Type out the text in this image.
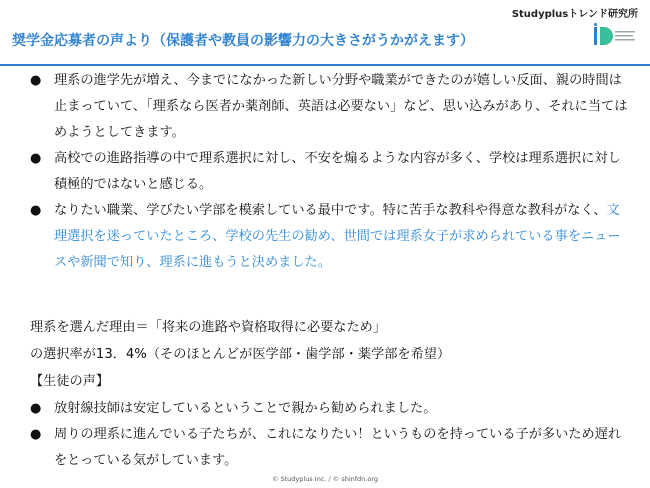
Studyplusトレンド研究所
奨学金応募者の声より（保護者や教員の影響力の大きさがうかがえます）
● 理系の進学先が増え、今までになかった新しい分野や職業ができたのが嬉しい反面、親の時間は止まっていて、「理系なら医者か薬剤師、英語は必要ない」など、思い込みがあり、それに当てはめようとしてきます。
● 高校での進路指導の中で理系選択に対し、不安を煽るような内容が多く、学校は理系選択に対し積極的ではないと感じる。
● なりたい職業、学びたい学部を模索している最中です。特に苦手な教科や得意な教科がなく、文理選択を迷っていたところ、学校の先生の勧め、世間では理系女子が求められている事をニュースや新聞で知り、理系に進もうと決めました。
理系を選んだ理由＝「将来の進路や資格取得に必要なため」
の選択率が13．4%（そのほとんどが医学部・歯学部・薬学部を希望）
【生徒の声】
● 放射線技師は安定しているということで親から勧められました。
● 周りの理系に進んでいる子たちが、これになりたい！というものを持っている子が多いため遅れをとっている気がしています。
© Studyplus Inc. / © shinfdn.org
